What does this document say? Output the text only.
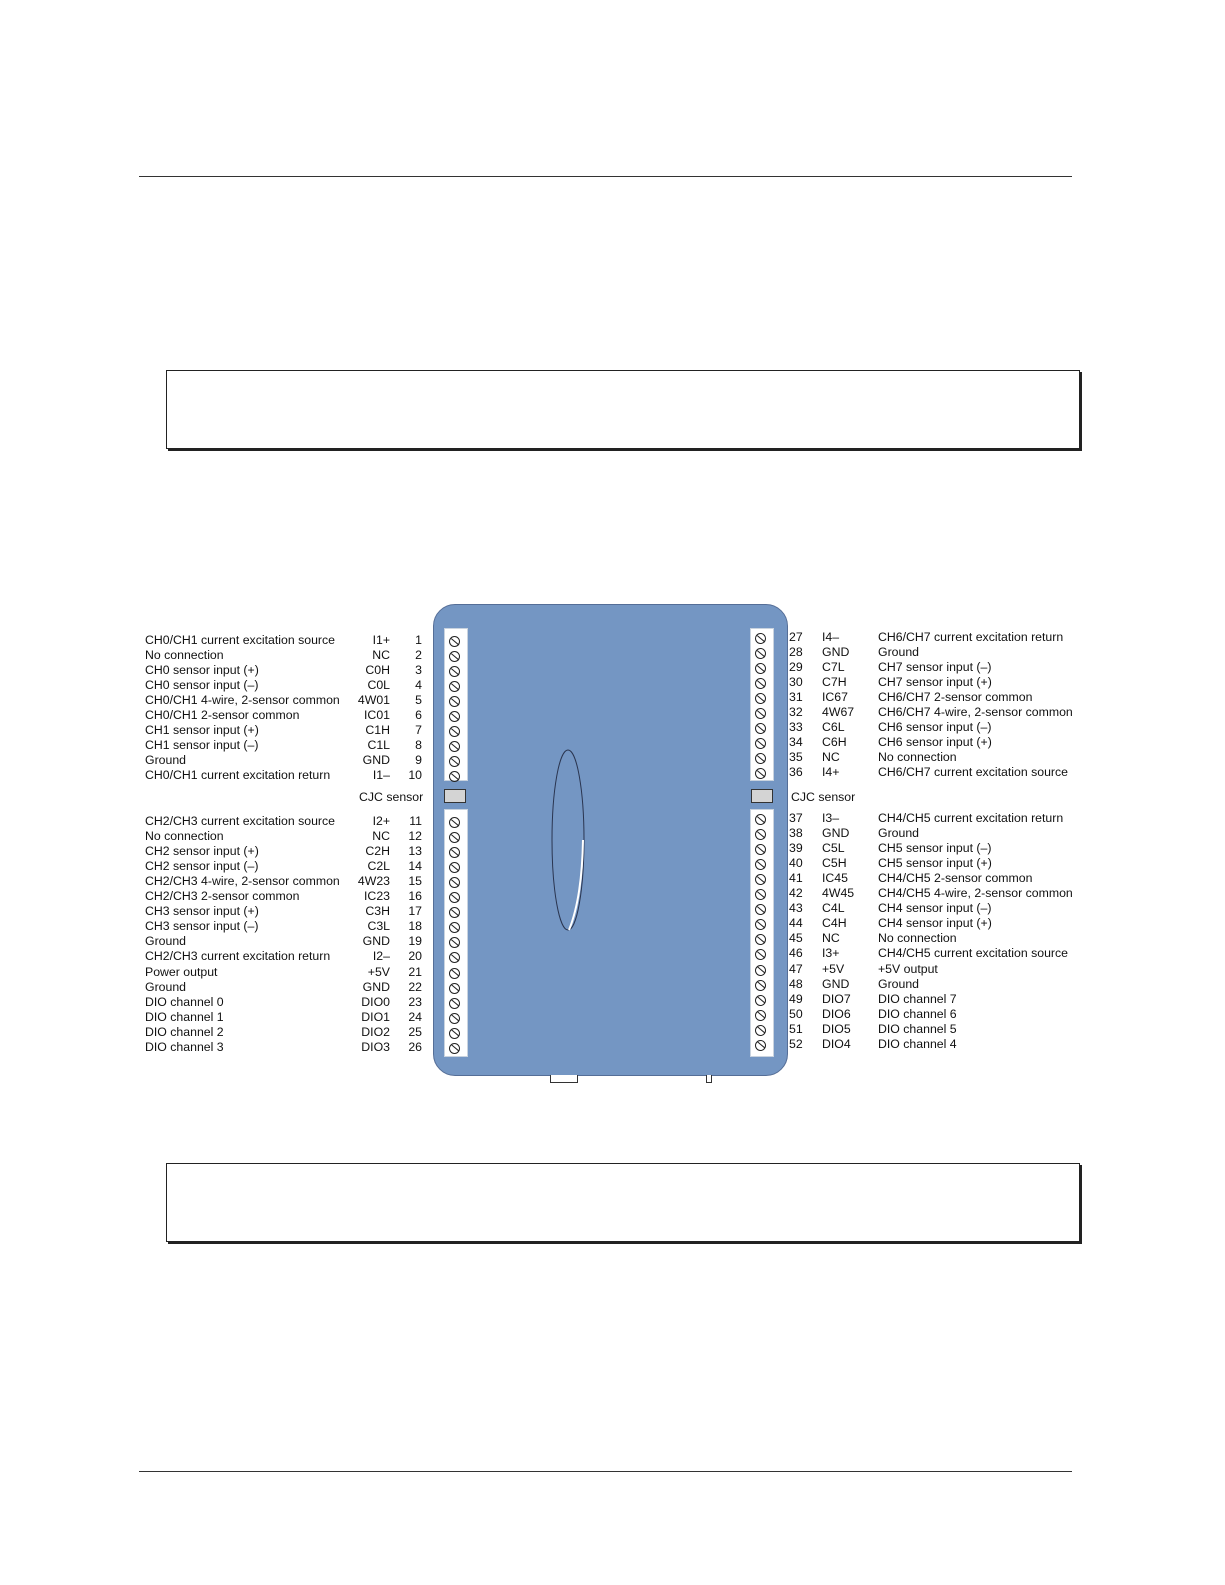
CJC sensor	CJC sensor
CH0/CH1 current excitation source	I1+	1
No connection	NC	2
CH0 sensor input (+)	C0H	3
CH0 sensor input (–)	C0L	4
CH0/CH1 4-wire, 2-sensor common	4W01	5
CH0/CH1 2-sensor common	IC01	6
CH1 sensor input (+)	C1H	7
CH1 sensor input (–)	C1L	8
Ground	GND	9
CH0/CH1 current excitation return	I1–	10
CH2/CH3 current excitation source	I2+	11
No connection	NC	12
CH2 sensor input (+)	C2H	13
CH2 sensor input (–)	C2L	14
CH2/CH3 4-wire, 2-sensor common	4W23	15
CH2/CH3 2-sensor common	IC23	16
CH3 sensor input (+)	C3H	17
CH3 sensor input (–)	C3L	18
Ground	GND	19
CH2/CH3 current excitation return	I2–	20
Power output	+5V	21
Ground	GND	22
DIO channel 0	DIO0	23
DIO channel 1	DIO1	24
DIO channel 2	DIO2	25
DIO channel 3	DIO3	26
27 I4–	CH6/CH7 current excitation return
28 GND Ground
29 C7L	CH7 sensor input (–)
30 C7H	CH7 sensor input (+)
31 IC67 CH6/CH7 2-sensor common
32 4W67 CH6/CH7 4-wire, 2-sensor common
33 C6L	CH6 sensor input (–)
34 C6H	CH6 sensor input (+)
35 NC	No connection
36 I4+	CH6/CH7 current excitation source
37 I3–	CH4/CH5 current excitation return
38 GND Ground
39 C5L	CH5 sensor input (–)
40 C5H	CH5 sensor input (+)
41 IC45 CH4/CH5 2-sensor common
42 4W45 CH4/CH5 4-wire, 2-sensor common
43 C4L	CH4 sensor input (–)
44 C4H	CH4 sensor input (+)
45 NC	No connection
46 I3+	CH4/CH5 current excitation source
47 +5V	+5V output
48 GND Ground
49 DIO7 DIO channel 7
50 DIO6 DIO channel 6
51 DIO5 DIO channel 5
52 DIO4 DIO channel 4
